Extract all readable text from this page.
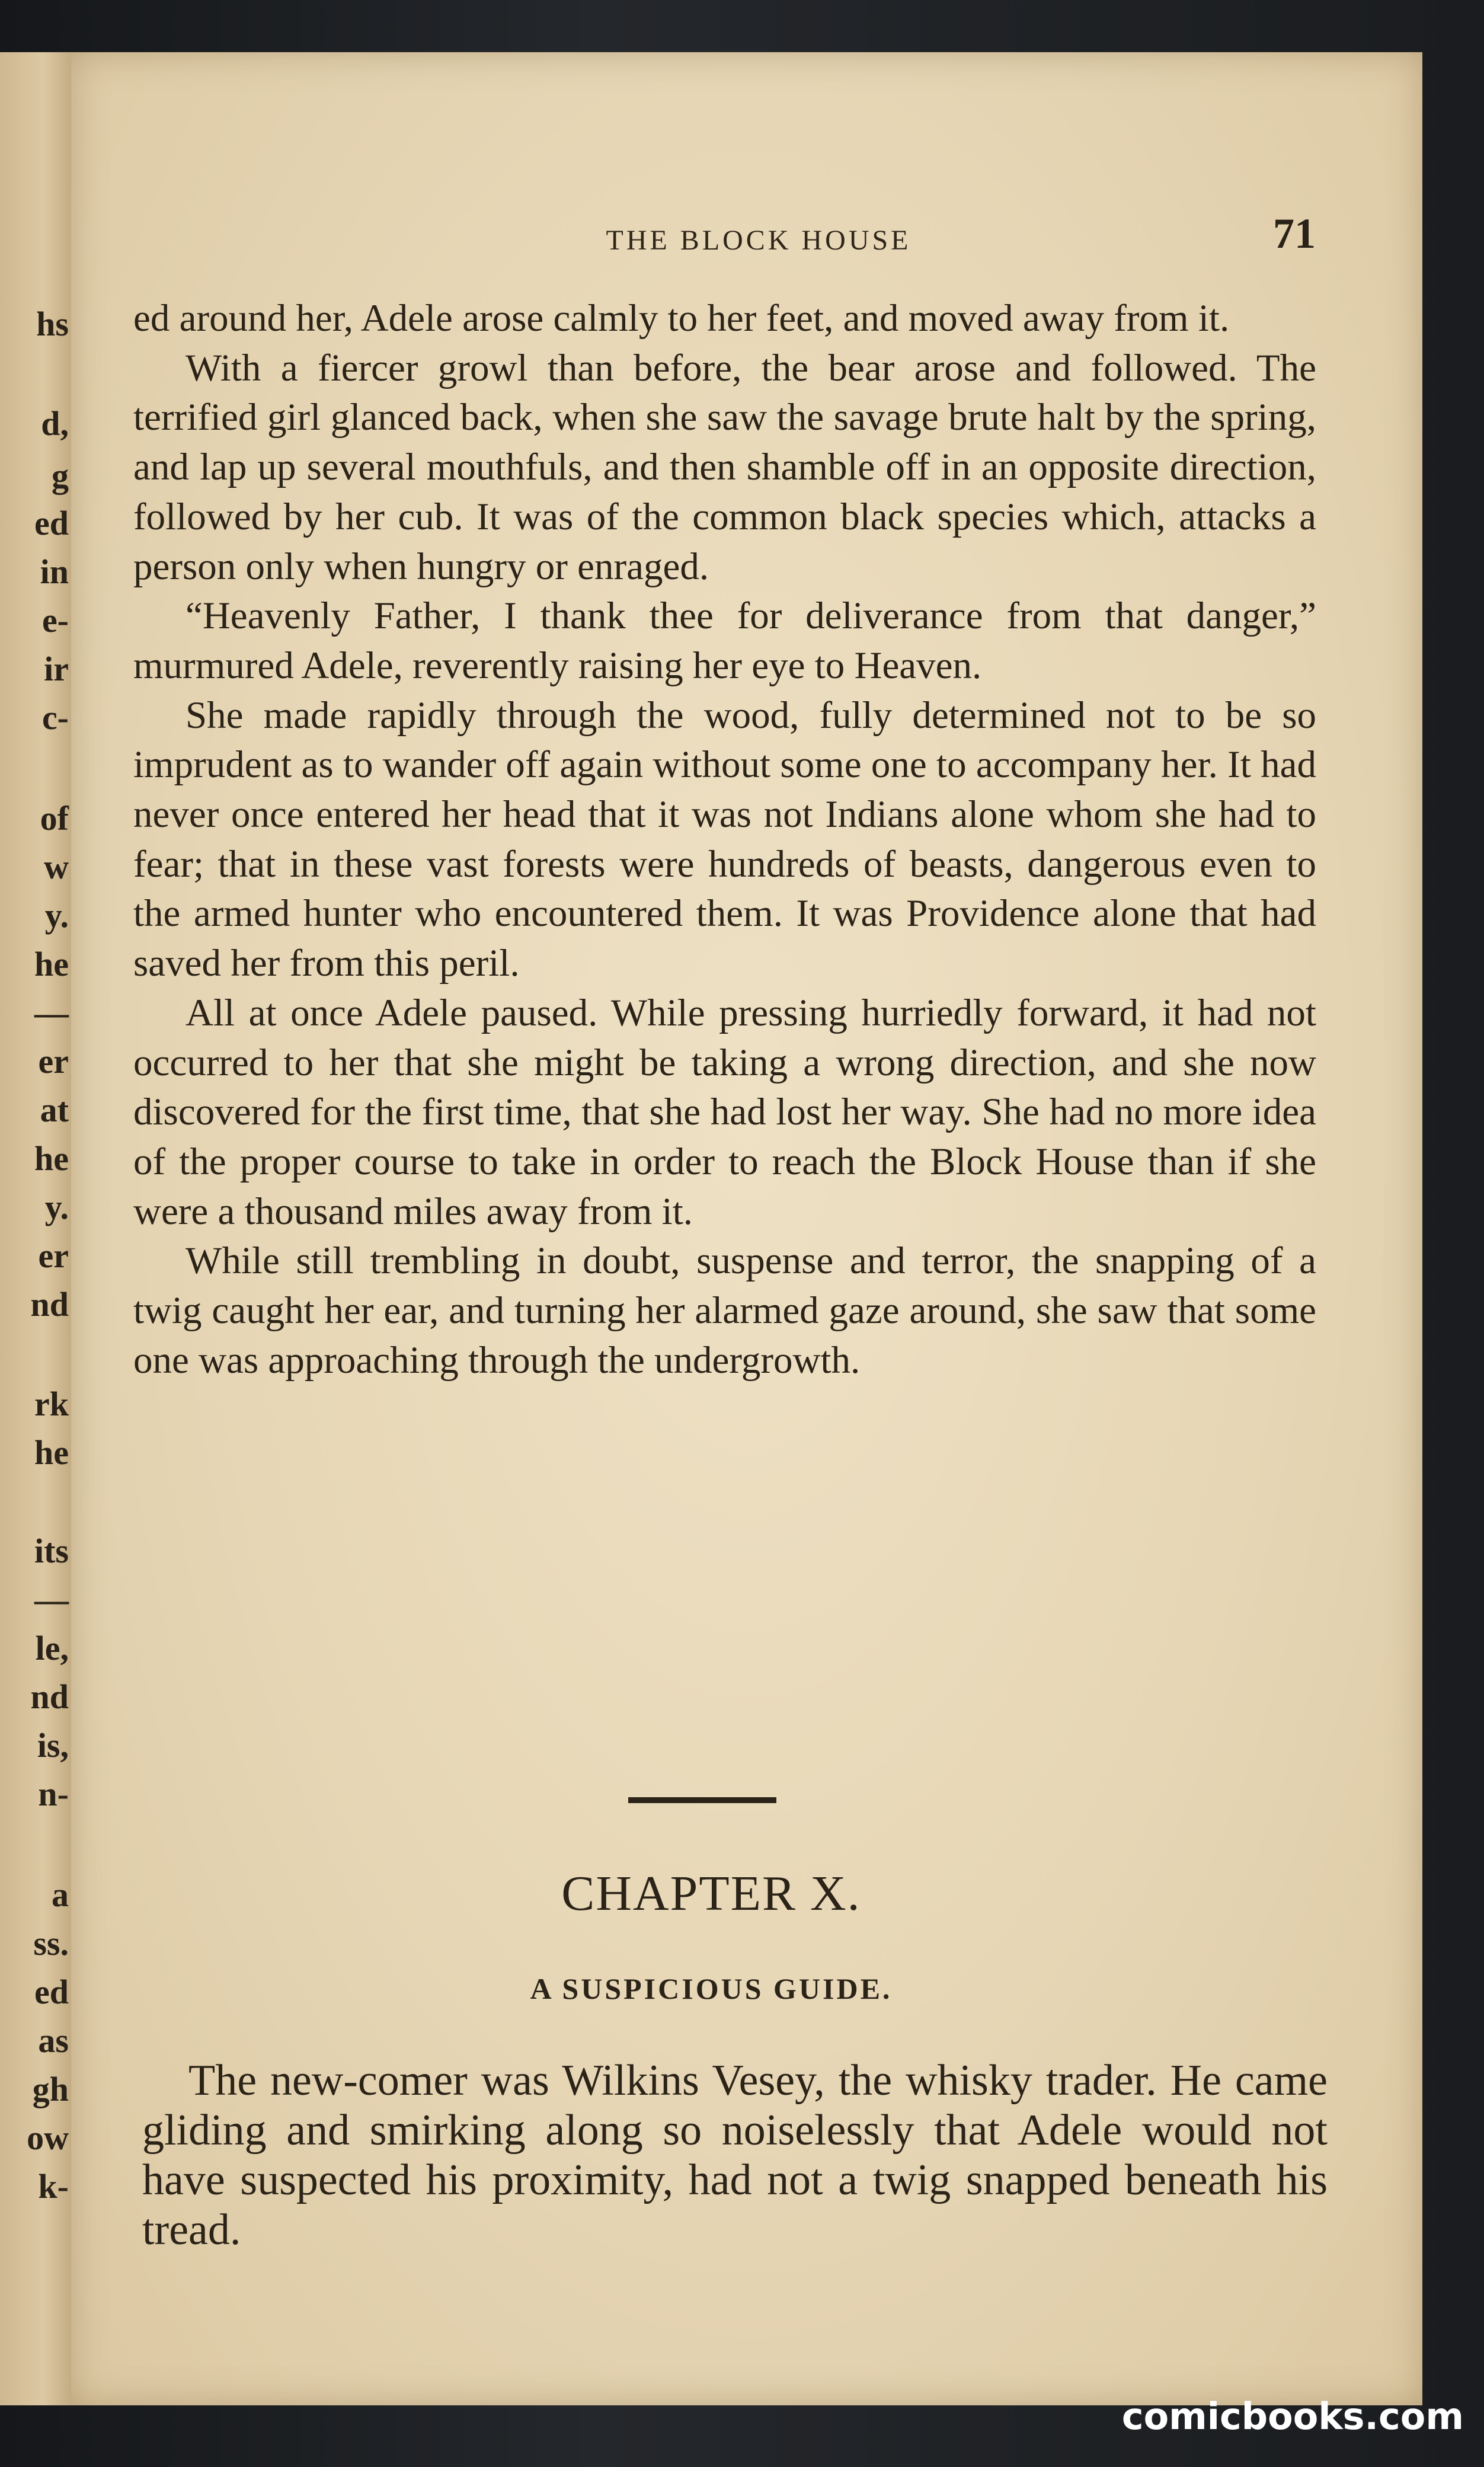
hs
d,
g
ed
in
e-
ir
c-
of
w
y.
he
—
er
at
he
y.
er
nd
rk
he
its
—
le,
nd
is,
n-
a
ss.
ed
as
gh
ow
k-
THE BLOCK HOUSE	71

ed around her, Adele arose calmly to her feet, and moved away from it.

With a fiercer growl than before, the bear arose and followed. The terrified girl glanced back, when she saw the savage brute halt by the spring, and lap up several mouthfuls, and then shamble off in an opposite direction, followed by her cub. It was of the common black species which, attacks a person only when hungry or enraged.

“Heavenly Father, I thank thee for deliverance from that danger,” murmured Adele, reverently raising her eye to Heaven.

She made rapidly through the wood, fully determined not to be so imprudent as to wander off again without some one to accompany her. It had never once entered her head that it was not Indians alone whom she had to fear; that in these vast forests were hundreds of beasts, dangerous even to the armed hunter who encountered them. It was Providence alone that had saved her from this peril.

All at once Adele paused. While pressing hurriedly forward, it had not occurred to her that she might be taking a wrong direction, and she now discovered for the first time, that she had lost her way. She had no more idea of the proper course to take in order to reach the Block House than if she were a thousand miles away from it.

While still trembling in doubt, suspense and terror, the snapping of a twig caught her ear, and turning her alarmed gaze around, she saw that some one was approaching through the undergrowth.

CHAPTER X.
A SUSPICIOUS GUIDE.

The new-comer was Wilkins Vesey, the whisky trader. He came gliding and smirking along so noiselessly that Adele would not have suspected his proximity, had not a twig snapped beneath his tread.

comicbooks.com
